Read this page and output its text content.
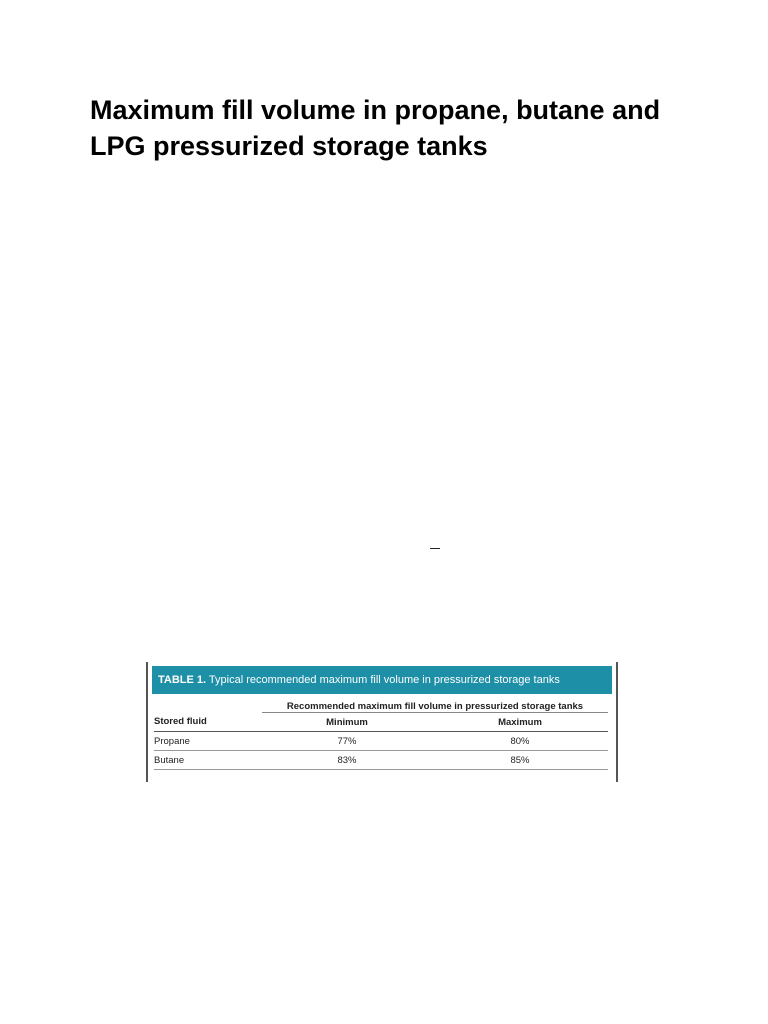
Maximum fill volume in propane, butane and LPG pressurized storage tanks
TABLE 1. Typical recommended maximum fill volume in pressurized storage tanks
	Recommended maximum fill volume in pressurized storage tanks	
Stored fluid	Minimum	Maximum
Propane	77%	80%
Butane	83%	85%
